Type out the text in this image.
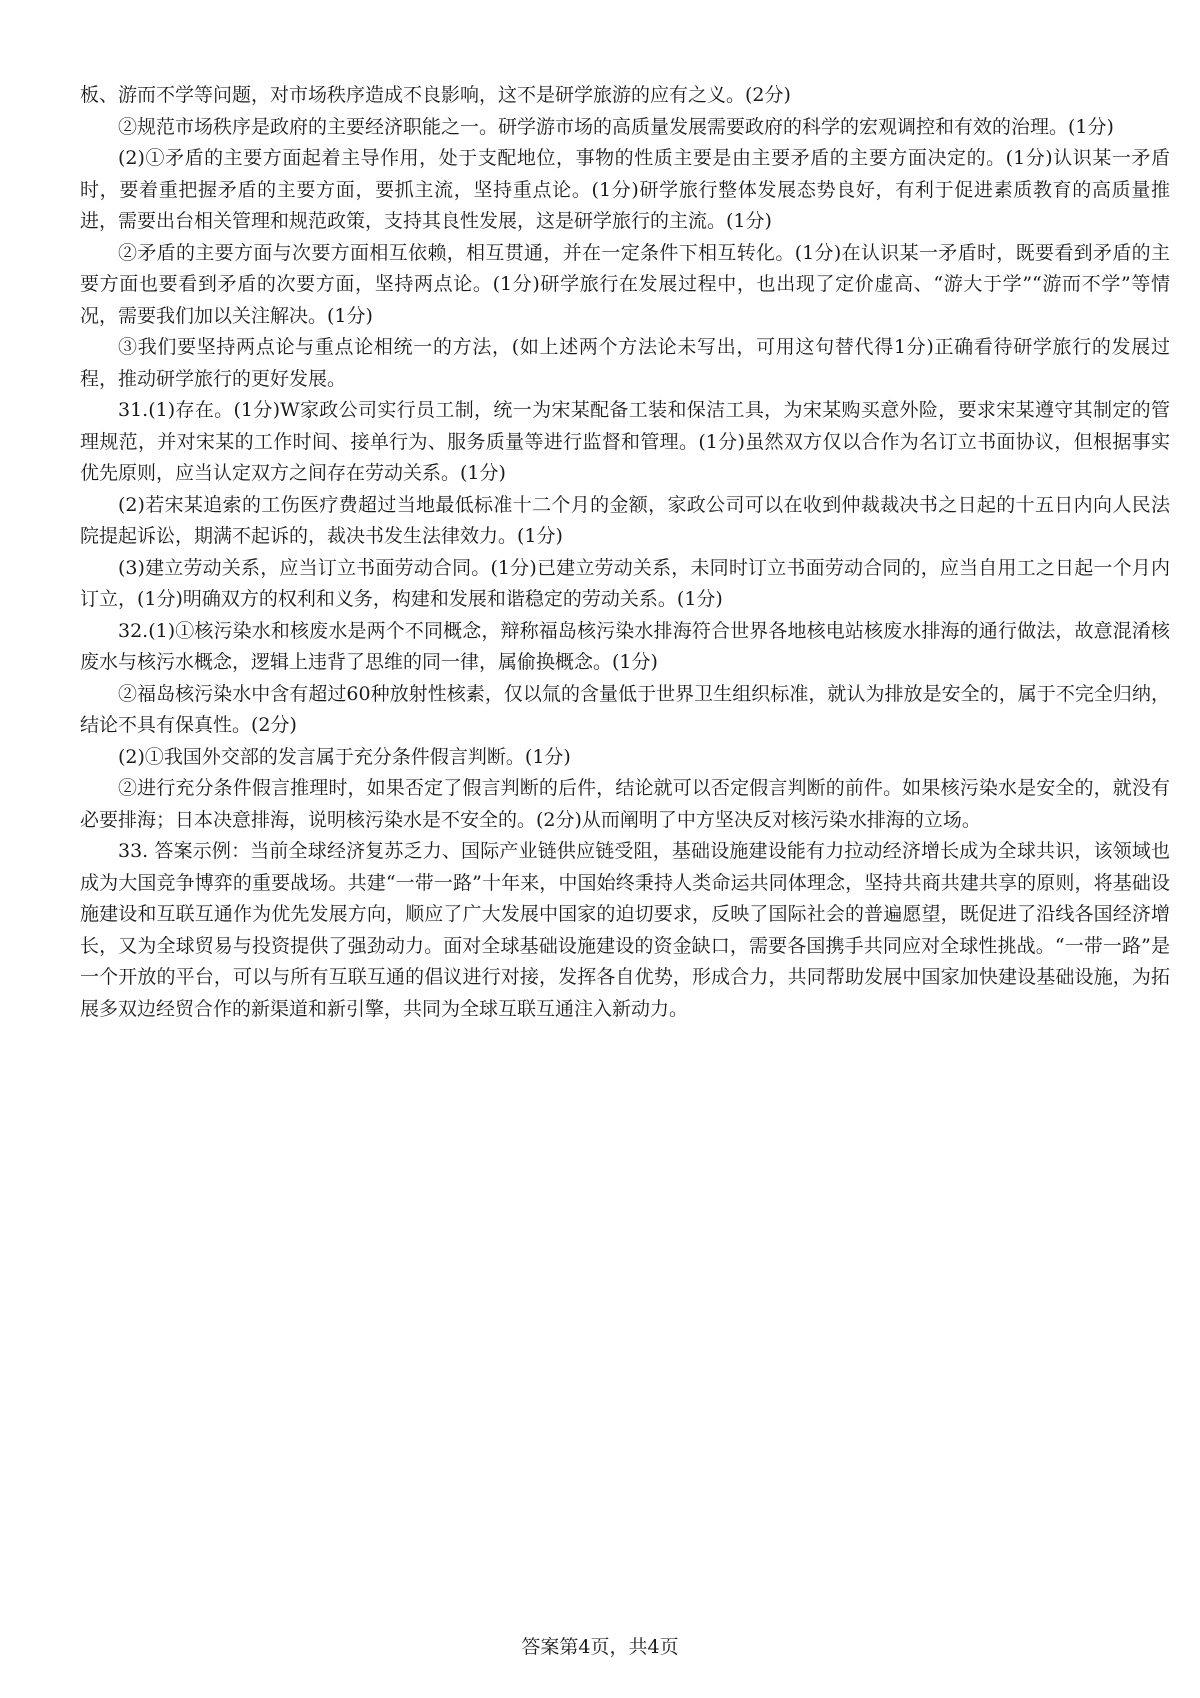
板、游而不学等问题，对市场秩序造成不良影响，这不是研学旅游的应有之义。(2分)

②规范市场秩序是政府的主要经济职能之一。研学游市场的高质量发展需要政府的科学的宏观调控和有效的治理。(1分)

(2)①矛盾的主要方面起着主导作用，处于支配地位，事物的性质主要是由主要矛盾的主要方面决定的。(1分)认识某一矛盾时，要着重把握矛盾的主要方面，要抓主流，坚持重点论。(1分)研学旅行整体发展态势良好，有利于促进素质教育的高质量推进，需要出台相关管理和规范政策，支持其良性发展，这是研学旅行的主流。(1分)

②矛盾的主要方面与次要方面相互依赖，相互贯通，并在一定条件下相互转化。(1分)在认识某一矛盾时，既要看到矛盾的主要方面也要看到矛盾的次要方面，坚持两点论。(1分)研学旅行在发展过程中，也出现了定价虚高、“游大于学”“游而不学”等情况，需要我们加以关注解决。(1分)

③我们要坚持两点论与重点论相统一的方法，(如上述两个方法论未写出，可用这句替代得1分)正确看待研学旅行的发展过程，推动研学旅行的更好发展。

31.(1)存在。(1分)W家政公司实行员工制，统一为宋某配备工装和保洁工具，为宋某购买意外险，要求宋某遵守其制定的管理规范，并对宋某的工作时间、接单行为、服务质量等进行监督和管理。(1分)虽然双方仅以合作为名订立书面协议，但根据事实优先原则，应当认定双方之间存在劳动关系。(1分)

(2)若宋某追索的工伤医疗费超过当地最低标准十二个月的金额，家政公司可以在收到仲裁裁决书之日起的十五日内向人民法院提起诉讼，期满不起诉的，裁决书发生法律效力。(1分)

(3)建立劳动关系，应当订立书面劳动合同。(1分)已建立劳动关系，未同时订立书面劳动合同的，应当自用工之日起一个月内订立，(1分)明确双方的权利和义务，构建和发展和谐稳定的劳动关系。(1分)

32.(1)①核污染水和核废水是两个不同概念，辩称福岛核污染水排海符合世界各地核电站核废水排海的通行做法，故意混淆核废水与核污水概念，逻辑上违背了思维的同一律，属偷换概念。(1分)

②福岛核污染水中含有超过60种放射性核素，仅以氚的含量低于世界卫生组织标准，就认为排放是安全的，属于不完全归纳，结论不具有保真性。(2分)

(2)①我国外交部的发言属于充分条件假言判断。(1分)

②进行充分条件假言推理时，如果否定了假言判断的后件，结论就可以否定假言判断的前件。如果核污染水是安全的，就没有必要排海；日本决意排海，说明核污染水是不安全的。(2分)从而阐明了中方坚决反对核污染水排海的立场。

33. 答案示例：当前全球经济复苏乏力、国际产业链供应链受阻，基础设施建设能有力拉动经济增长成为全球共识，该领域也成为大国竞争博弈的重要战场。共建“一带一路”十年来，中国始终秉持人类命运共同体理念，坚持共商共建共享的原则，将基础设施建设和互联互通作为优先发展方向，顺应了广大发展中国家的迫切要求，反映了国际社会的普遍愿望，既促进了沿线各国经济增长，又为全球贸易与投资提供了强劲动力。面对全球基础设施建设的资金缺口，需要各国携手共同应对全球性挑战。“一带一路”是一个开放的平台，可以与所有互联互通的倡议进行对接，发挥各自优势，形成合力，共同帮助发展中国家加快建设基础设施，为拓展多双边经贸合作的新渠道和新引擎，共同为全球互联互通注入新动力。

答案第4页，共4页
